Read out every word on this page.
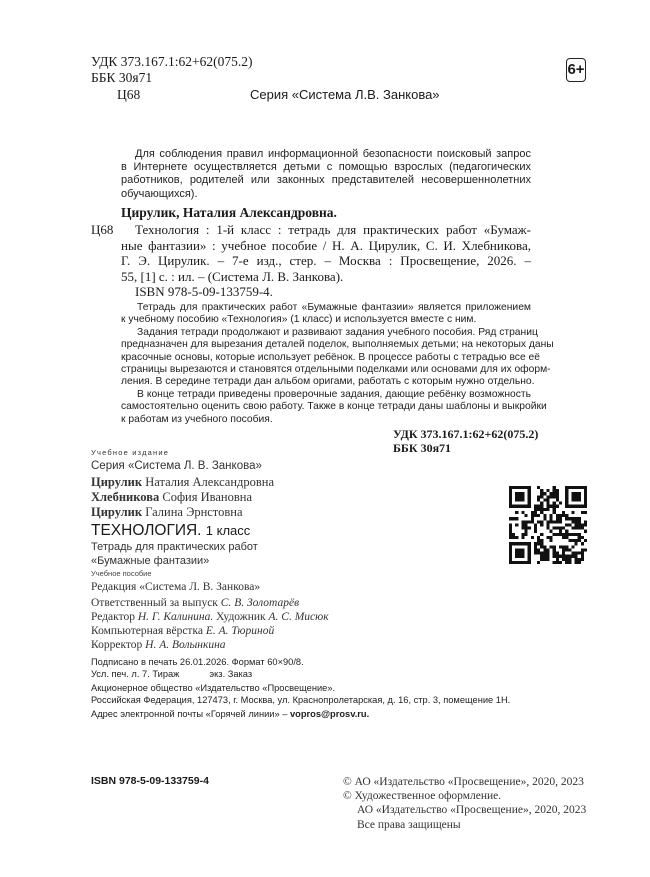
УДК 373.167.1:62+62(075.2)
ББК 30я71
Ц68	Серия «Система Л.В. Занкова»
6+
Для соблюдения правил информационной безопасности поисковый запрос
в Интернете осуществляется детьми с помощью взрослых (педагогических
работников, родителей или законных представителей несовершеннолетних
обучающихся).
Цирулик, Наталия Александровна.
Ц68	Технология : 1-й класс : тетрадь для практических работ «Бумаж-
ные фантазии» : учебное пособие / Н. А. Цирулик, С. И. Хлебникова,
Г. Э. Цирулик. – 7-е изд., стер. – Москва : Просвещение, 2026. –
55, [1] с. : ил. – (Система Л. В. Занкова).
ISBN 978-5-09-133759-4.
Тетрадь для практических работ «Бумажные фантазии» является приложением
к учебному пособию «Технология» (1 класс) и используется вместе с ним.
Задания тетради продолжают и развивают задания учебного пособия. Ряд страниц
предназначен для вырезания деталей поделок, выполняемых детьми; на некоторых даны
красочные основы, которые использует ребёнок. В процессе работы с тетрадью все её
страницы вырезаются и становятся отдельными поделками или основами для их оформ-
ления. В середине тетради дан альбом оригами, работать с которым нужно отдельно.
В конце тетради приведены проверочные задания, дающие ребёнку возможность
самостоятельно оценить свою работу. Также в конце тетради даны шаблоны и выкройки
к работам из учебного пособия.
УДК 373.167.1:62+62(075.2)
ББК 30я71
Учебное издание
Серия «Система Л. В. Занкова»
Цирулик Наталия Александровна
Хлебникова София Ивановна
Цирулик Галина Эрнстовна
ТЕХНОЛОГИЯ. 1 класс
Тетрадь для практических работ
«Бумажные фантазии»
Учебное пособие
Редакция «Система Л. В. Занкова»
Ответственный за выпуск С. В. Золотарёв
Редактор Н. Г. Калинина. Художник А. С. Мисюк
Компьютерная вёрстка Е. А. Тюриной
Корректор Н. А. Волынкина
Подписано в печать 26.01.2026. Формат 60×90/8.
Усл. печ. л. 7. Тираж	экз. Заказ
Акционерное общество «Издательство «Просвещение».
Российская Федерация, 127473, г. Москва, ул. Краснопролетарская, д. 16, стр. 3, помещение 1Н.
Адрес электронной почты «Горячей линии» – vopros@prosv.ru.
ISBN 978-5-09-133759-4	© АО «Издательство «Просвещение», 2020, 2023
© Художественное оформление.
АО «Издательство «Просвещение», 2020, 2023
Все права защищены
